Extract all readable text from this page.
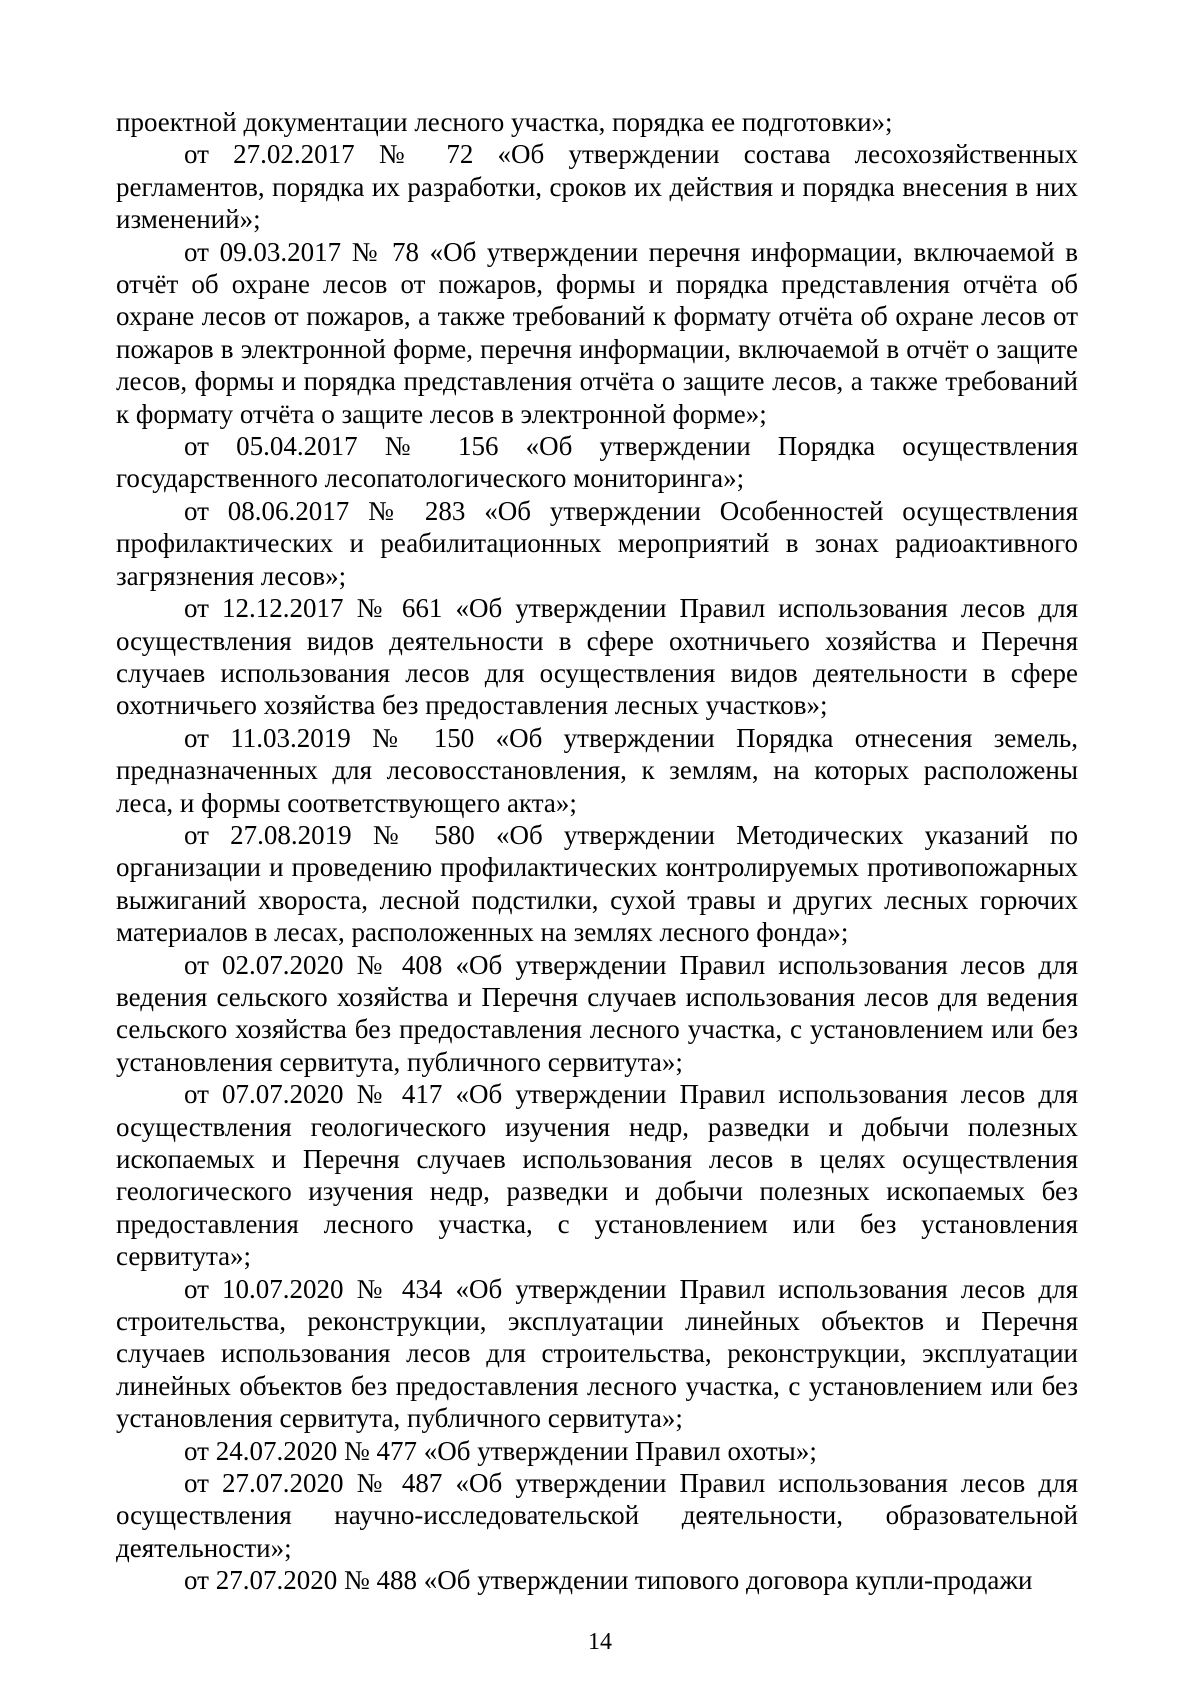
проектной документации лесного участка, порядка ее подготовки»;

от 27.02.2017 № 72 «Об утверждении состава лесохозяйственных регламентов, порядка их разработки, сроков их действия и порядка внесения в них изменений»;

от 09.03.2017 № 78 «Об утверждении перечня информации, включаемой в отчёт об охране лесов от пожаров, формы и порядка представления отчёта об охране лесов от пожаров, а также требований к формату отчёта об охране лесов от пожаров в электронной форме, перечня информации, включаемой в отчёт о защите лесов, формы и порядка представления отчёта о защите лесов, а также требований к формату отчёта о защите лесов в электронной форме»;

от 05.04.2017 № 156 «Об утверждении Порядка осуществления государственного лесопатологического мониторинга»;

от 08.06.2017 № 283 «Об утверждении Особенностей осуществления профилактических и реабилитационных мероприятий в зонах радиоактивного загрязнения лесов»;

от 12.12.2017 № 661 «Об утверждении Правил использования лесов для осуществления видов деятельности в сфере охотничьего хозяйства и Перечня случаев использования лесов для осуществления видов деятельности в сфере охотничьего хозяйства без предоставления лесных участков»;

от 11.03.2019 № 150 «Об утверждении Порядка отнесения земель, предназначенных для лесовосстановления, к землям, на которых расположены леса, и формы соответствующего акта»;

от 27.08.2019 № 580 «Об утверждении Методических указаний по организации и проведению профилактических контролируемых противопожарных выжиганий хвороста, лесной подстилки, сухой травы и других лесных горючих материалов в лесах, расположенных на землях лесного фонда»;

от 02.07.2020 № 408 «Об утверждении Правил использования лесов для ведения сельского хозяйства и Перечня случаев использования лесов для ведения сельского хозяйства без предоставления лесного участка, с установлением или без установления сервитута, публичного сервитута»;

от 07.07.2020 № 417 «Об утверждении Правил использования лесов для осуществления геологического изучения недр, разведки и добычи полезных ископаемых и Перечня случаев использования лесов в целях осуществления геологического изучения недр, разведки и добычи полезных ископаемых без предоставления лесного участка, с установлением или без установления сервитута»;

от 10.07.2020 № 434 «Об утверждении Правил использования лесов для строительства, реконструкции, эксплуатации линейных объектов и Перечня случаев использования лесов для строительства, реконструкции, эксплуатации линейных объектов без предоставления лесного участка, с установлением или без установления сервитута, публичного сервитута»;

от 24.07.2020 № 477 «Об утверждении Правил охоты»;

от 27.07.2020 № 487 «Об утверждении Правил использования лесов для осуществления научно-исследовательской деятельности, образовательной деятельности»;

от 27.07.2020 № 488 «Об утверждении типового договора купли-продажи

14
